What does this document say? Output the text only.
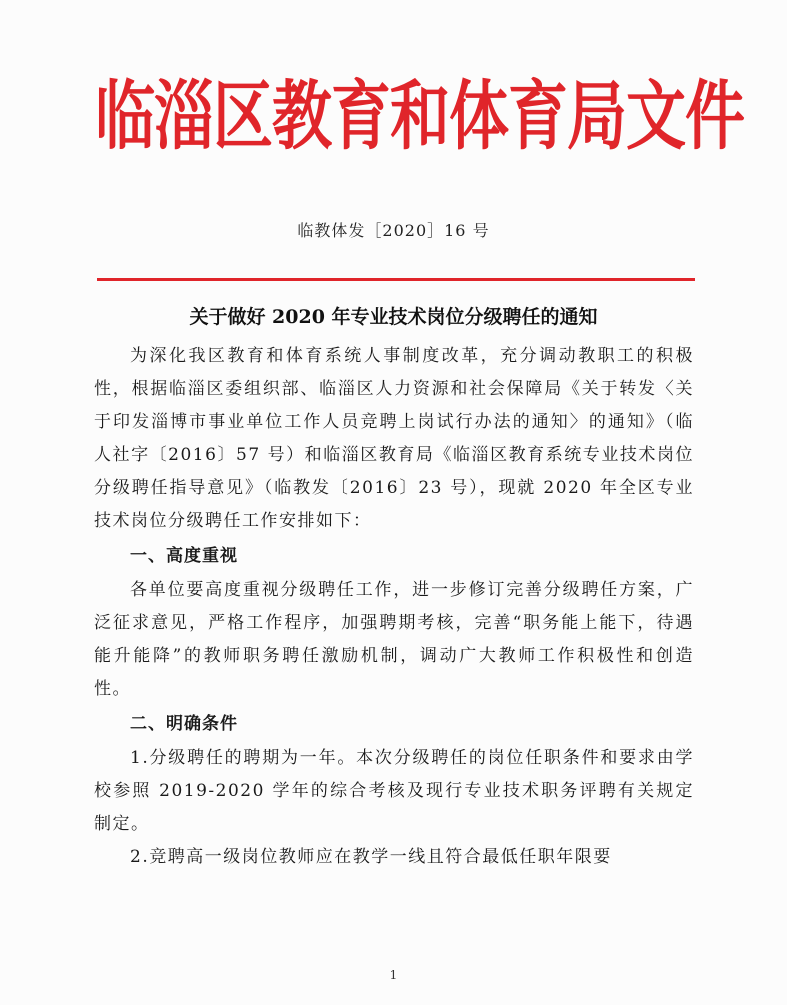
临淄区教育和体育局文件
临教体发［2020］16 号
关于做好 2020 年专业技术岗位分级聘任的通知

为深化我区教育和体育系统人事制度改革，充分调动教职工的积极性，根据临淄区委组织部、临淄区人力资源和社会保障局《关于转发〈关于印发淄博市事业单位工作人员竞聘上岗试行办法的通知〉的通知》（临人社字〔2016〕57 号）和临淄区教育局《临淄区教育系统专业技术岗位分级聘任指导意见》（临教发〔2016〕23 号），现就 2020 年全区专业技术岗位分级聘任工作安排如下：

一、高度重视

各单位要高度重视分级聘任工作，进一步修订完善分级聘任方案，广泛征求意见，严格工作程序，加强聘期考核，完善“职务能上能下，待遇能升能降”的教师职务聘任激励机制，调动广大教师工作积极性和创造性。

二、明确条件

1.分级聘任的聘期为一年。本次分级聘任的岗位任职条件和要求由学校参照 2019-2020 学年的综合考核及现行专业技术职务评聘有关规定制定。

2.竞聘高一级岗位教师应在教学一线且符合最低任职年限要

1
